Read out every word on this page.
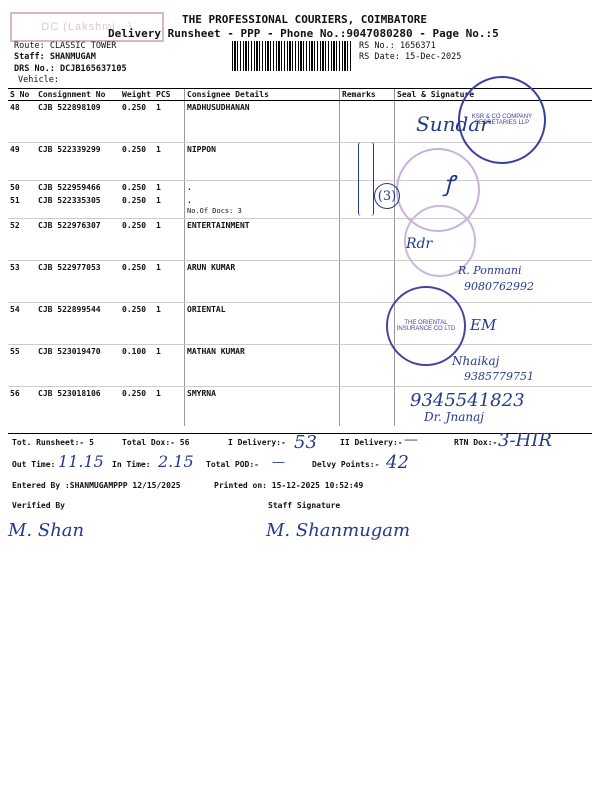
DC (Lakshmi...)
THE PROFESSIONAL COURIERS, COIMBATORE
Delivery Runsheet - PPP - Phone No.:9047080280 - Page No.:5
Route: CLASSIC TOWER
Staff: SHANMUGAM
DRS No.: DCJB165637105
Vehicle:
RS No.: 1656371
RS Date: 15-Dec-2025
S No	Consignment No	Weight	PCS	Consignee Details	Remarks	Seal & Signature
48	CJB 522898109	0.250	1	MADHUSUDHANAN		
49	CJB 522339299	0.250	1	NIPPON		
50	CJB 522959466	0.250	1	.		
51	CJB 522335305	0.250	1	.
No.Of Docs: 3		

52	CJB 522976307	0.250	1	ENTERTAINMENT		
53	CJB 522977053	0.250	1	ARUN KUMAR		
54	CJB 522899544	0.250	1	ORIENTAL		
55	CJB 523019470	0.100	1	MATHAN KUMAR		
56	CJB 523018106	0.250	1	SMYRNA		
KSR & CO COMPANY SECRETARIES LLP
THE ORIENTAL INSURANCE CO LTD
Sundar
(3) ꝭ
Rdr
R. Ponmani
9080762992
EM
Nhaikaj
9385779751
9345541823
Dr. Jnanaj
Tot. Runsheet:- 5	Total Dox:- 56	I Delivery:- 53	II Delivery:- —	RTN Dox:- 3-HIR
Out Time: 11.15 In Time: 2.15 Total POD:- —	Delvy Points:- 42
Entered By :SHANMUGAMPPP 12/15/2025	Printed on: 15-12-2025 10:52:49
Verified By	Staff Signature
M. Shan	M. Shanmugam
